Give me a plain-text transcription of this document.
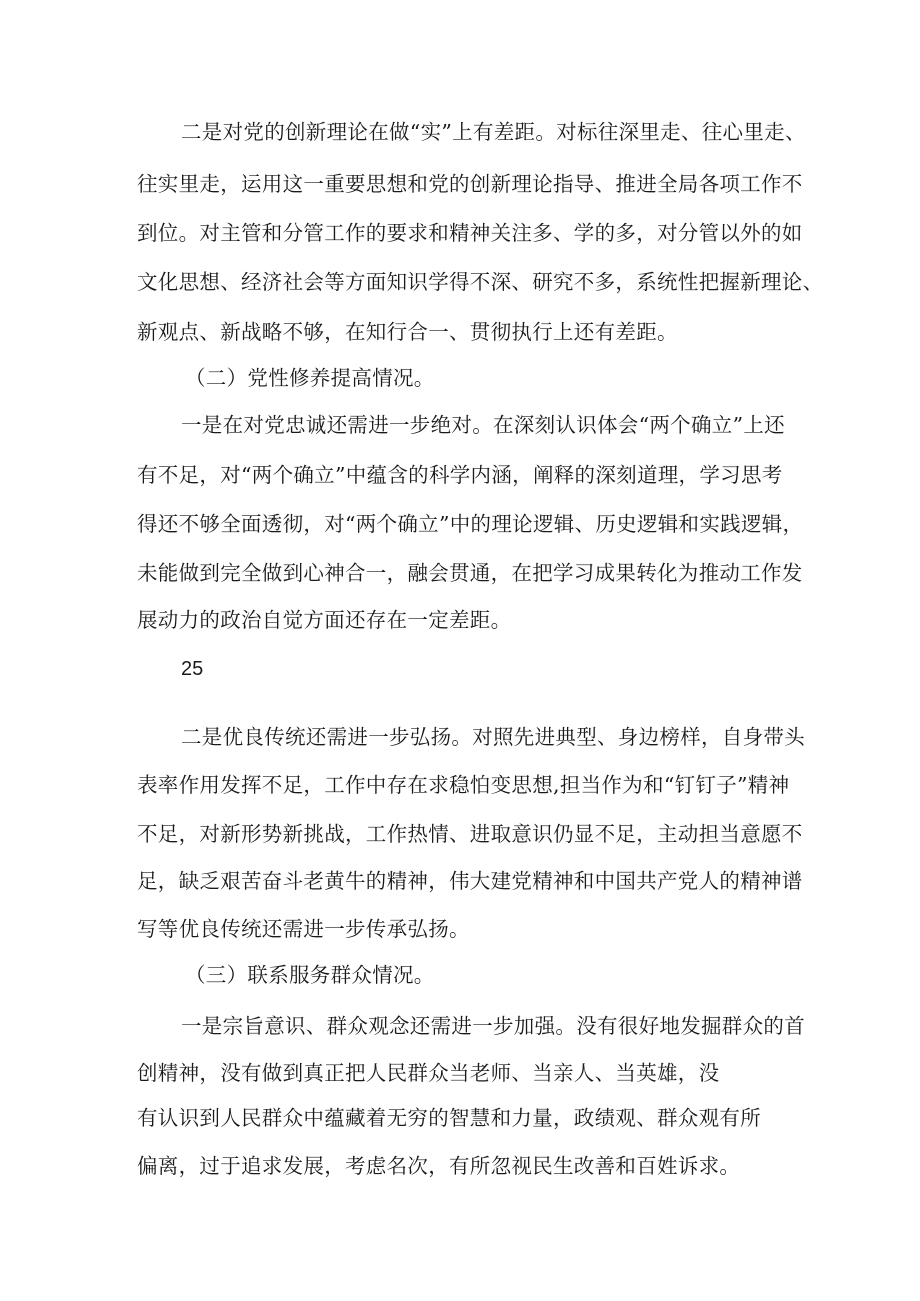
二是对党的创新理论在做“实”上有差距。对标往深里走、往心里走、
往实里走，运用这一重要思想和党的创新理论指导、推进全局各项工作不
到位。对主管和分管工作的要求和精神关注多、学的多，对分管以外的如
文化思想、经济社会等方面知识学得不深、研究不多，系统性把握新理论、
新观点、新战略不够，在知行合一、贯彻执行上还有差距。
（二）党性修养提高情况。
一是在对党忠诚还需进一步绝对。在深刻认识体会“两个确立”上还
有不足，对“两个确立”中蕴含的科学内涵，阐释的深刻道理，学习思考
得还不够全面透彻，对“两个确立”中的理论逻辑、历史逻辑和实践逻辑，
未能做到完全做到心神合一，融会贯通，在把学习成果转化为推动工作发
展动力的政治自觉方面还存在一定差距。
25
二是优良传统还需进一步弘扬。对照先进典型、身边榜样，自身带头
表率作用发挥不足，工作中存在求稳怕变思想,担当作为和“钉钉子”精神
不足，对新形势新挑战，工作热情、进取意识仍显不足，主动担当意愿不
足，缺乏艰苦奋斗老黄牛的精神，伟大建党精神和中国共产党人的精神谱
写等优良传统还需进一步传承弘扬。
（三）联系服务群众情况。
一是宗旨意识、群众观念还需进一步加强。没有很好地发掘群众的首
创精神，没有做到真正把人民群众当老师、当亲人、当英雄，没
有认识到人民群众中蕴藏着无穷的智慧和力量，政绩观、群众观有所
偏离，过于追求发展，考虑名次，有所忽视民生改善和百姓诉求。
